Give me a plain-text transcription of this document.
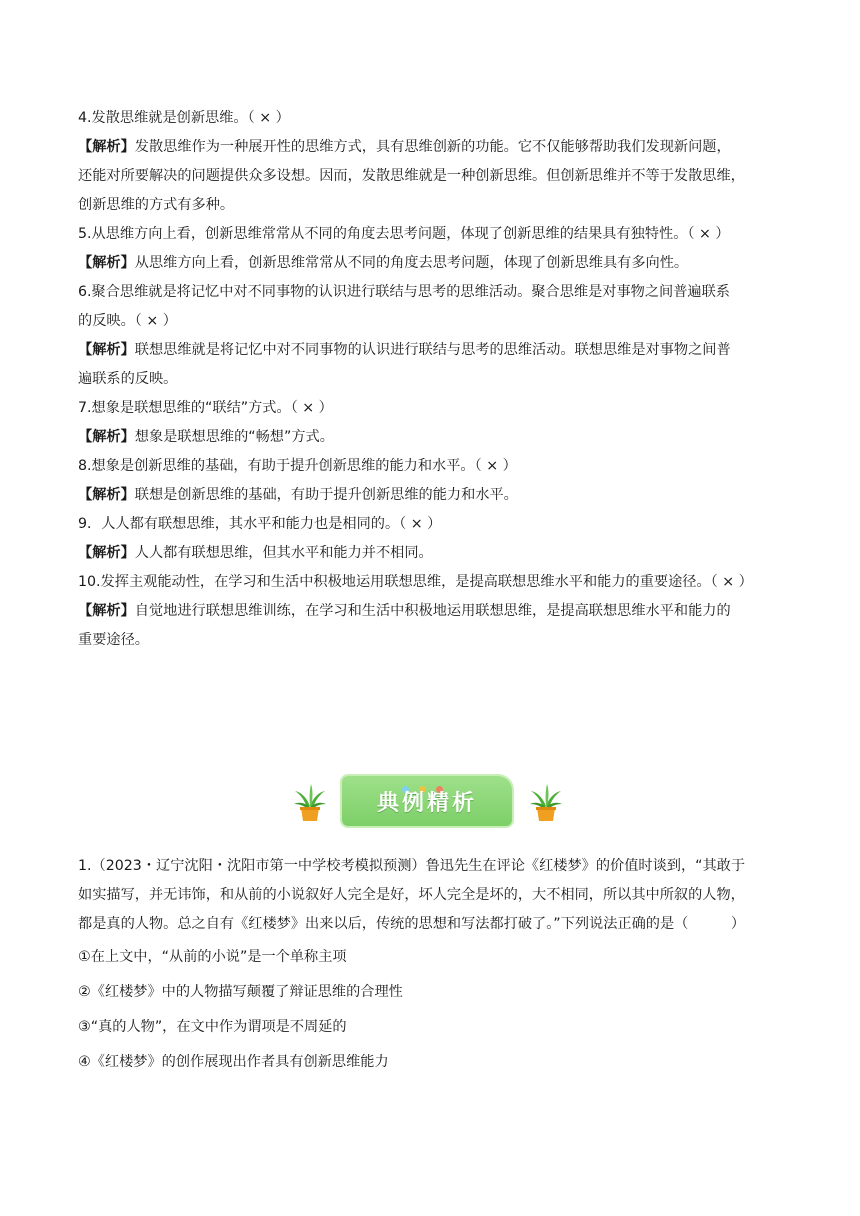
4.发散思维就是创新思维。（ × ）

【解析】发散思维作为一种展开性的思维方式，具有思维创新的功能。它不仅能够帮助我们发现新问题，

还能对所要解决的问题提供众多设想。因而，发散思维就是一种创新思维。但创新思维并不等于发散思维，

创新思维的方式有多种。

5.从思维方向上看，创新思维常常从不同的角度去思考问题，体现了创新思维的结果具有独特性。（ × ）

【解析】从思维方向上看，创新思维常常从不同的角度去思考问题，体现了创新思维具有多向性。

6.聚合思维就是将记忆中对不同事物的认识进行联结与思考的思维活动。聚合思维是对事物之间普遍联系

的反映。（ × ）

【解析】联想思维就是将记忆中对不同事物的认识进行联结与思考的思维活动。联想思维是对事物之间普

遍联系的反映。

7.想象是联想思维的“联结”方式。（ × ）

【解析】想象是联想思维的“畅想”方式。

8.想象是创新思维的基础，有助于提升创新思维的能力和水平。（ × ）

【解析】联想是创新思维的基础，有助于提升创新思维的能力和水平。

9．人人都有联想思维，其水平和能力也是相同的。（ × ）

【解析】人人都有联想思维，但其水平和能力并不相同。

10.发挥主观能动性，在学习和生活中积极地运用联想思维，是提高联想思维水平和能力的重要途径。（ × ）

【解析】自觉地进行联想思维训练，在学习和生活中积极地运用联想思维，是提高联想思维水平和能力的

重要途径。

典例精析

1.（2023・辽宁沈阳・沈阳市第一中学校考模拟预测）鲁迅先生在评论《红楼梦》的价值时谈到，“其敢于

如实描写，并无讳饰，和从前的小说叙好人完全是好，坏人完全是坏的，大不相同，所以其中所叙的人物，

都是真的人物。总之自有《红楼梦》出来以后，传统的思想和写法都打破了。”下列说法正确的是（　　　）

①在上文中，“从前的小说”是一个单称主项

②《红楼梦》中的人物描写颠覆了辩证思维的合理性

③“真的人物”，在文中作为谓项是不周延的

④《红楼梦》的创作展现出作者具有创新思维能力
